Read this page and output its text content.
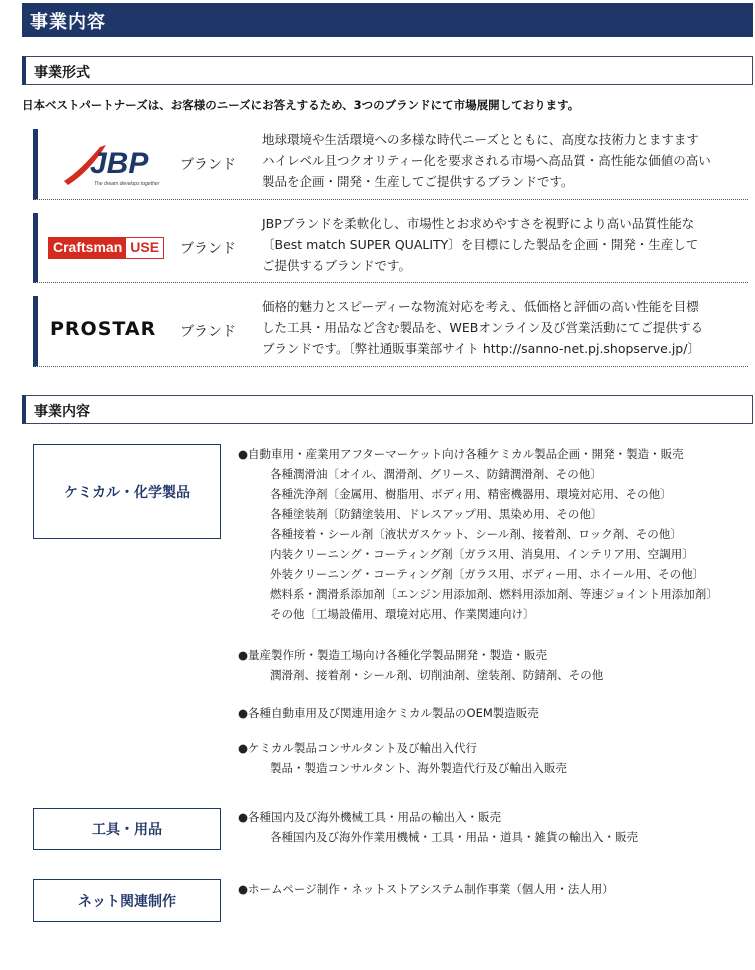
事業内容
事業形式
日本ベストパートナーズは、お客様のニーズにお答えするため、3つのブランドにて市場展開しております。
JBP
The dream develops together
ブランド
地球環境や生活環境への多様な時代ニーズとともに、高度な技術力とますます
ハイレベル且つクオリティー化を要求される市場へ高品質・高性能な価値の高い
製品を企画・開発・生産してご提供するブランドです。
Craftsman USE ブランド
JBPブランドを柔軟化し、市場性とお求めやすさを視野により高い品質性能な
〔Best match SUPER QUALITY〕を目標にした製品を企画・開発・生産して
ご提供するブランドです。
PROSTAR ブランド
価格的魅力とスピーディーな物流対応を考え、低価格と評価の高い性能を目標
した工具・用品など含む製品を、WEBオンライン及び営業活動にてご提供する
ブランドです。〔弊社通販事業部サイト http://sanno-net.pj.shopserve.jp/〕
事業内容
ケミカル・化学製品
●自動車用・産業用アフターマーケット向け各種ケミカル製品企画・開発・製造・販売
各種潤滑油〔オイル、潤滑剤、グリース、防錆潤滑剤、その他〕
各種洗浄剤〔金属用、樹脂用、ボディ用、精密機器用、環境対応用、その他〕
各種塗装剤〔防錆塗装用、ドレスアップ用、黒染め用、その他〕
各種接着・シール剤〔液状ガスケット、シール剤、接着剤、ロック剤、その他〕
内装クリーニング・コーティング剤〔ガラス用、消臭用、インテリア用、空調用〕
外装クリーニング・コーティング剤〔ガラス用、ボディー用、ホイール用、その他〕
燃料系・潤滑系添加剤〔エンジン用添加剤、燃料用添加剤、等速ジョイント用添加剤〕
その他〔工場設備用、環境対応用、作業関連向け〕
●量産製作所・製造工場向け各種化学製品開発・製造・販売
潤滑剤、接着剤・シール剤、切削油剤、塗装剤、防錆剤、その他
●各種自動車用及び関連用途ケミカル製品のOEM製造販売
●ケミカル製品コンサルタント及び輸出入代行
製品・製造コンサルタント、海外製造代行及び輸出入販売
工具・用品
●各種国内及び海外機械工具・用品の輸出入・販売
各種国内及び海外作業用機械・工具・用品・道具・雑貨の輸出入・販売
ネット関連制作
●ホームページ制作・ネットストアシステム制作事業（個人用・法人用）
